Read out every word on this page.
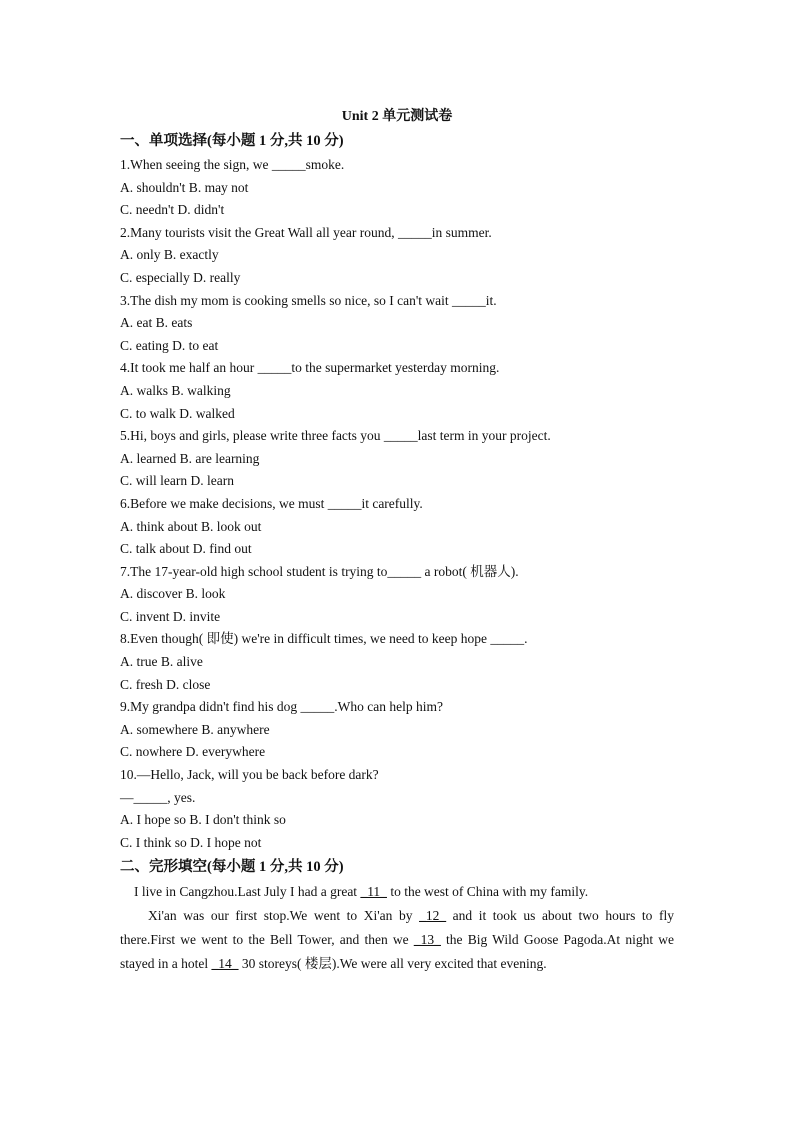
Unit 2 单元测试卷
一、单项选择(每小题 1 分,共 10 分)
1.When seeing the sign, we _____smoke.
A. shouldn't B. may not
C. needn't D. didn't
2.Many tourists visit the Great Wall all year round, _____in summer.
A. only B. exactly
C. especially D. really
3.The dish my mom is cooking smells so nice, so I can't wait _____it.
A. eat B. eats
C. eating D. to eat
4.It took me half an hour _____to the supermarket yesterday morning.
A. walks B. walking
C. to walk D. walked
5.Hi, boys and girls, please write three facts you _____last term in your project.
A. learned B. are learning
C. will learn D. learn
6.Before we make decisions, we must _____it carefully.
A. think about B. look out
C. talk about D. find out
7.The 17-year-old high school student is trying to_____ a robot( 机器人).
A. discover B. look
C. invent D. invite
8.Even though( 即使) we're in difficult times, we need to keep hope _____.
A. true B. alive
C. fresh D. close
9.My grandpa didn't find his dog _____.Who can help him?
A. somewhere B. anywhere
C. nowhere D. everywhere
10.—Hello, Jack, will you be back before dark?
—_____, yes.
A. I hope so B. I don't think so
C. I think so D. I hope not
二、完形填空(每小题 1 分,共 10 分)
I live in Cangzhou.Last July I had a great _11_ to the west of China with my family.
Xi'an was our first stop.We went to Xi'an by _12_ and it took us about two hours to fly there.First we went to the Bell Tower, and then we _13_ the Big Wild Goose Pagoda.At night we stayed in a hotel _14_ 30 storeys( 楼层).We were all very excited that evening.
